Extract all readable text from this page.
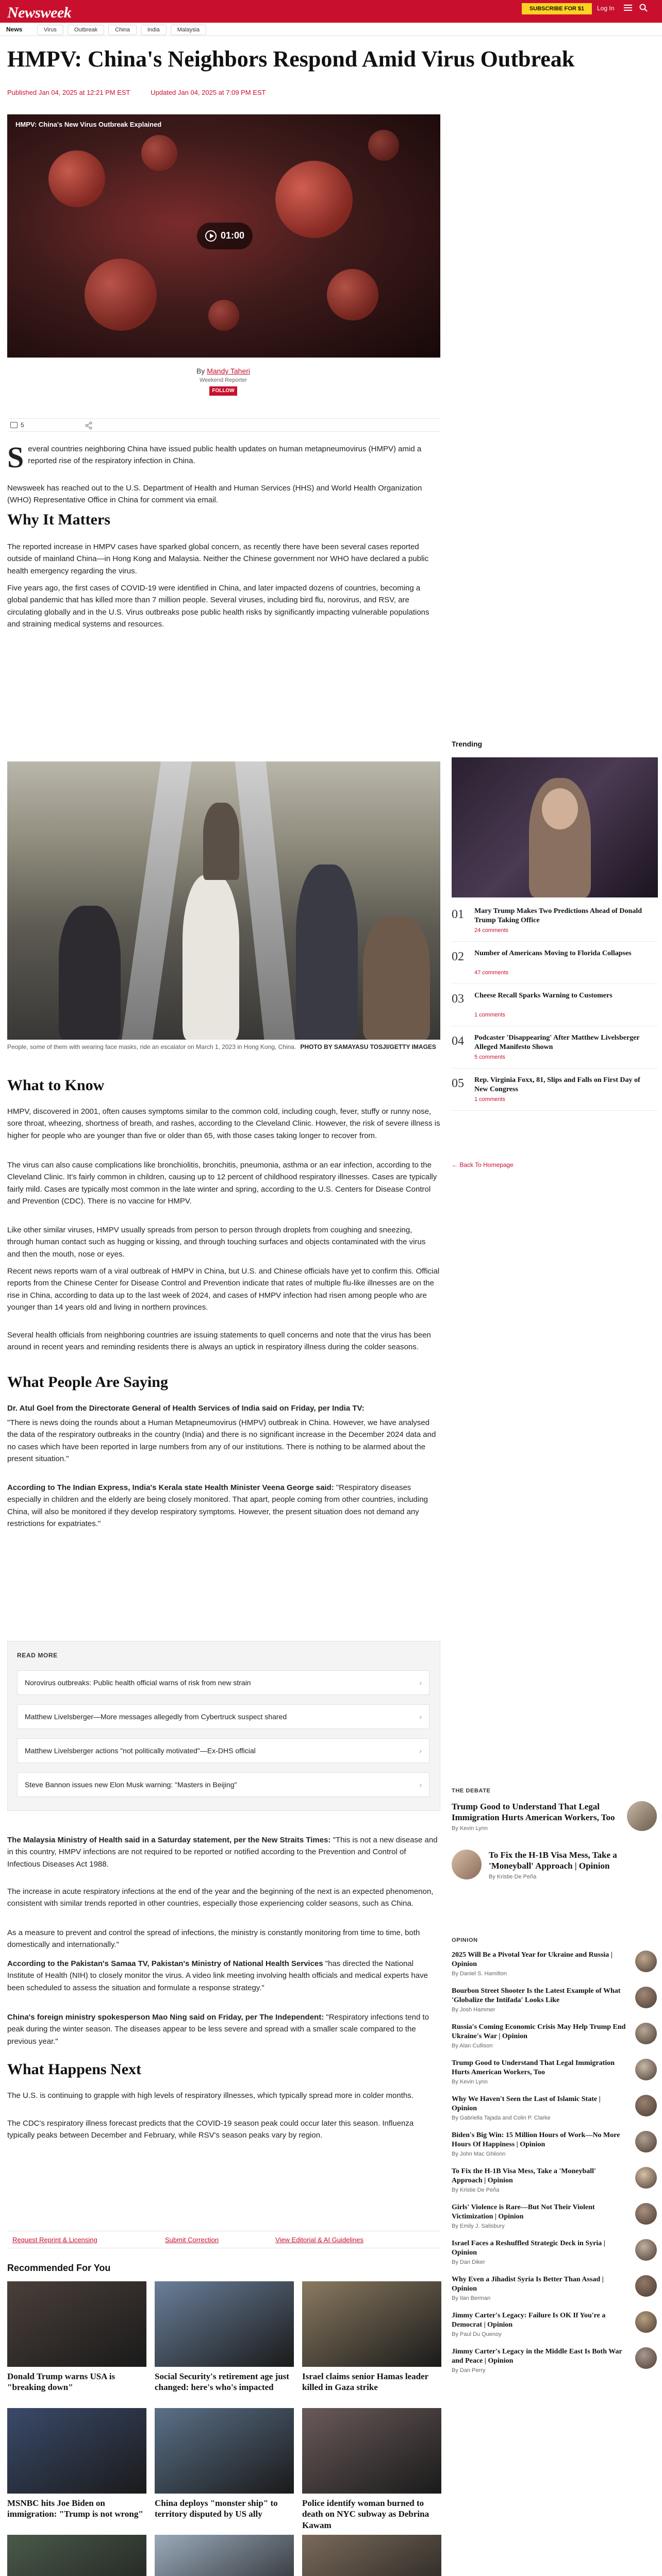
Newsweek	SUBSCRIBE FOR $1	Log In
News	Virus	Outbreak	China	India	Malaysia
HMPV: China's Neighbors Respond Amid Virus Outbreak
Published Jan 04, 2025 at 12:21 PM EST	Updated Jan 04, 2025 at 7:09 PM EST
HMPV: China's New Virus Outbreak Explained
01:00
By Mandy Taheri
Weekend Reporter
FOLLOW
5

Several countries neighboring China have issued public health updates on human metapneumovirus (HMPV) amid a reported rise of the respiratory infection in China.

Newsweek has reached out to the U.S. Department of Health and Human Services (HHS) and World Health Organization (WHO) Representative Office in China for comment via email.

Why It Matters

The reported increase in HMPV cases have sparked global concern, as recently there have been several cases reported outside of mainland China—in Hong Kong and Malaysia. Neither the Chinese government nor WHO have declared a public health emergency regarding the virus.

Five years ago, the first cases of COVID-19 were identified in China, and later impacted dozens of countries, becoming a global pandemic that has killed more than 7 million people. Several viruses, including bird flu, norovirus, and RSV, are circulating globally and in the U.S. Virus outbreaks pose public health risks by significantly impacting vulnerable populations and straining medical systems and resources.

People, some of them with wearing face masks, ride an escalator on March 1, 2023 in Hong Kong, China. PHOTO BY SAMAYASU TOSJI/GETTY IMAGES
What to Know

HMPV, discovered in 2001, often causes symptoms similar to the common cold, including cough, fever, stuffy or runny nose, sore throat, wheezing, shortness of breath, and rashes, according to the Cleveland Clinic. However, the risk of severe illness is higher for people who are younger than five or older than 65, with those cases taking longer to recover from.

The virus can also cause complications like bronchiolitis, bronchitis, pneumonia, asthma or an ear infection, according to the Cleveland Clinic. It's fairly common in children, causing up to 12 percent of childhood respiratory illnesses. Cases are typically fairly mild. Cases are typically most common in the late winter and spring, according to the U.S. Centers for Disease Control and Prevention (CDC). There is no vaccine for HMPV.

Like other similar viruses, HMPV usually spreads from person to person through droplets from coughing and sneezing, through human contact such as hugging or kissing, and through touching surfaces and objects contaminated with the virus and then the mouth, nose or eyes.

Recent news reports warn of a viral outbreak of HMPV in China, but U.S. and Chinese officials have yet to confirm this. Official reports from the Chinese Center for Disease Control and Prevention indicate that rates of multiple flu-like illnesses are on the rise in China, according to data up to the last week of 2024, and cases of HMPV infection had risen among people who are younger than 14 years old and living in northern provinces.

Several health officials from neighboring countries are issuing statements to quell concerns and note that the virus has been around in recent years and reminding residents there is always an uptick in respiratory illness during the colder seasons.

What People Are Saying

Dr. Atul Goel from the Directorate General of Health Services of India said on Friday, per India TV:

"There is news doing the rounds about a Human Metapneumovirus (HMPV) outbreak in China. However, we have analysed the data of the respiratory outbreaks in the country (India) and there is no significant increase in the December 2024 data and no cases which have been reported in large numbers from any of our institutions. There is nothing to be alarmed about the present situation."

According to The Indian Express, India's Kerala state Health Minister Veena George said: "Respiratory diseases especially in children and the elderly are being closely monitored. That apart, people coming from other countries, including China, will also be monitored if they develop respiratory symptoms. However, the present situation does not demand any restrictions for expatriates."

READ MORE
Norovirus outbreaks: Public health official warns of risk from new strain	›
Matthew Livelsberger—More messages allegedly from Cybertruck suspect shared	›
Matthew Livelsberger actions "not politically motivated"—Ex-DHS official	›
Steve Bannon issues new Elon Musk warning: "Masters in Beijing"	›

The Malaysia Ministry of Health said in a Saturday statement, per the New Straits Times: "This is not a new disease and in this country, HMPV infections are not required to be reported or notified according to the Prevention and Control of Infectious Diseases Act 1988.

The increase in acute respiratory infections at the end of the year and the beginning of the next is an expected phenomenon, consistent with similar trends reported in other countries, especially those experiencing colder seasons, such as China.

As a measure to prevent and control the spread of infections, the ministry is constantly monitoring from time to time, both domestically and internationally."

According to the Pakistan's Samaa TV, Pakistan's Ministry of National Health Services "has directed the National Institute of Health (NIH) to closely monitor the virus. A video link meeting involving health officials and medical experts have been scheduled to assess the situation and formulate a response strategy."

China's foreign ministry spokesperson Mao Ning said on Friday, per The Independent: "Respiratory infections tend to peak during the winter season. The diseases appear to be less severe and spread with a smaller scale compared to the previous year."

What Happens Next

The U.S. is continuing to grapple with high levels of respiratory illnesses, which typically spread more in colder months.

The CDC's respiratory illness forecast predicts that the COVID-19 season peak could occur later this season. Influenza typically peaks between December and February, while RSV's season peaks vary by region.

Request Reprint & Licensing	Submit Correction	View Editorial & AI Guidelines
Recommended For You
Donald Trump warns USA is "breaking down"
Social Security's retirement age just changed: here's who's impacted
Israel claims senior Hamas leader killed in Gaza strike
MSNBC hits Joe Biden on immigration: "Trump is not wrong"
China deploys "monster ship" to territory disputed by US ally
Police identify woman burned to death on NYC subway as Debrina Kawam
Trending
01 Mary Trump Makes Two Predictions Ahead of Donald Trump Taking Office
24 comments
02 Number of Americans Moving to Florida Collapses
47 comments
03 Cheese Recall Sparks Warning to Customers
1 comments
04 Podcaster 'Disappearing' After Matthew Livelsberger Alleged Manifesto Shown
5 comments
05 Rep. Virginia Foxx, 81, Slips and Falls on First Day of New Congress
1 comments
← Back To Homepage
THE DEBATE
Trump Good to Understand That Legal Immigration Hurts American Workers, Too
By Kevin Lynn
To Fix the H-1B Visa Mess, Take a 'Moneyball' Approach | Opinion
By Kristie De Peña
OPINION
2025 Will Be a Pivotal Year for Ukraine and Russia | Opinion
By Daniel S. Hamilton
Bourbon Street Shooter Is the Latest Example of What 'Globalize the Intifada' Looks Like
By Josh Hammer
Russia's Coming Economic Crisis May Help Trump End Ukraine's War | Opinion
By Alan Cullison
Trump Good to Understand That Legal Immigration Hurts American Workers, Too
By Kevin Lynn
Why We Haven't Seen the Last of Islamic State | Opinion
By Gabriella Tajada and Colin P. Clarke
Biden's Big Win: 15 Million Hours of Work—No More Hours Of Happiness | Opinion
By John Mac Ghlionn
To Fix the H-1B Visa Mess, Take a 'Moneyball' Approach | Opinion
By Kristie De Peña
Girls' Violence is Rare—But Not Their Violent Victimization | Opinion
By Emily J. Salisbury
Israel Faces a Reshuffled Strategic Deck in Syria | Opinion
By Dan Diker
Why Even a Jihadist Syria Is Better Than Assad | Opinion
By Ilan Berman
Jimmy Carter's Legacy: Failure Is OK If You're a Democrat | Opinion
By Paul Du Quenoy
Jimmy Carter's Legacy in the Middle East Is Both War and Peace | Opinion
By Dan Perry
